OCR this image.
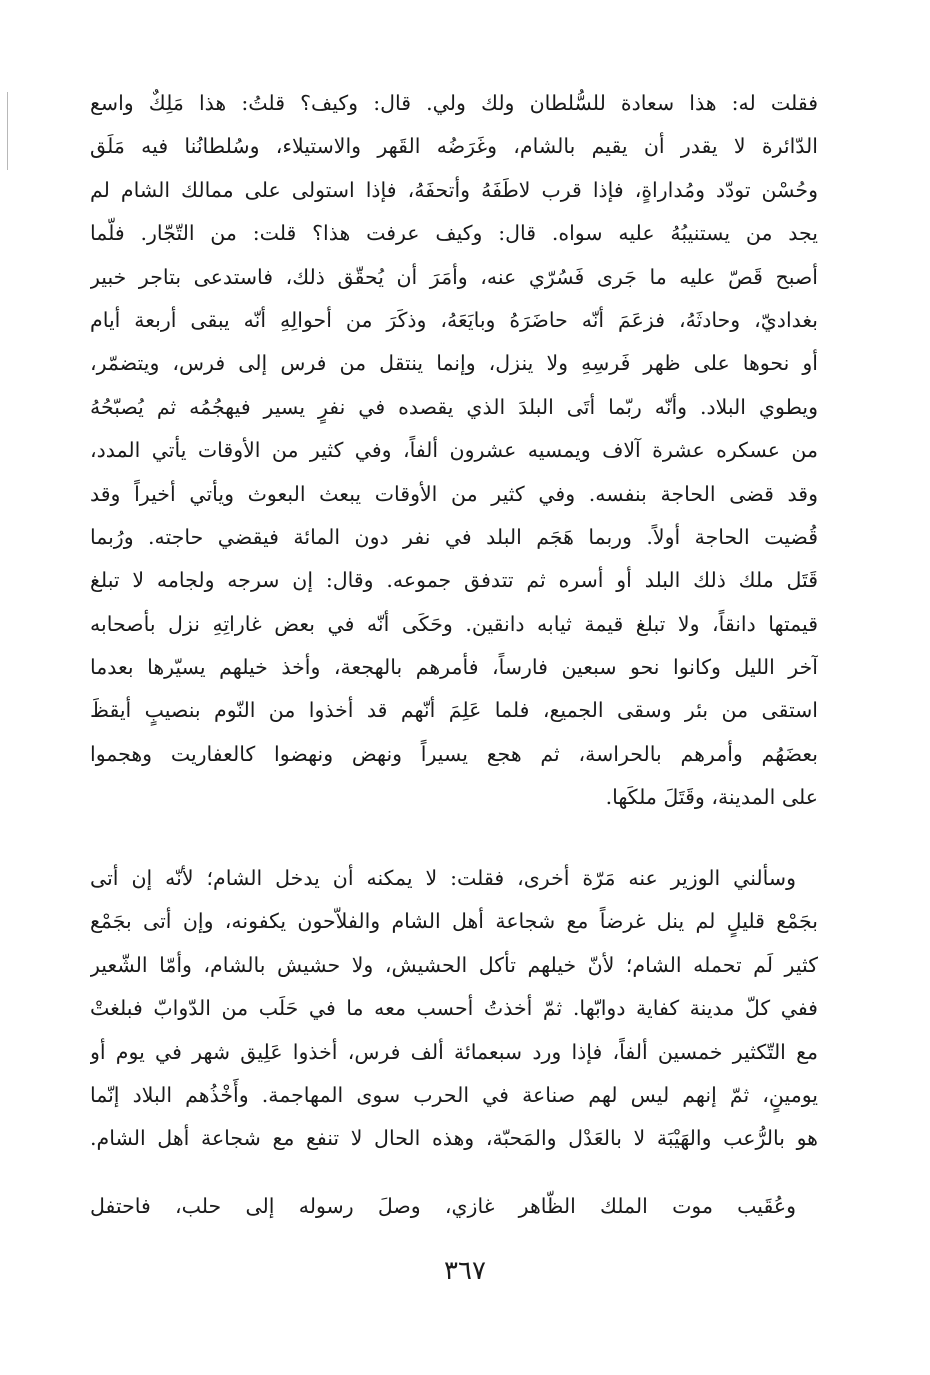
فقلت له: هذا سعادة للسُّلطان ولك ولي. قال: وكيف؟ قلتُ: هذا مَلِكٌ واسع
الدّائرة لا يقدر أن يقيم بالشام، وغَرَضُه القَهر والاستيلاء، وسُلطانُنا فيه مَلَق
وحُسْن تودّد ومُداراةٍ، فإذا قرب لاطَفَهُ وأتحفَهُ، فإذا استولى على ممالك الشام لم
يجد من يستنيبُهُ عليه سواه. قال: وكيف عرفت هذا؟ قلت: من التّجّار. فلّما
أصبح قَصّ عليه ما جَرى فَسُرّي عنه، وأمَرَ أن يُحقّق ذلك، فاستدعى بتاجر خبير
بغداديّ، وحادثَهُ، فزعَمَ أنّه حاضَرَهُ وبايَعَهُ، وذكَرَ من أحوالِهِ أنّه يبقى أربعة أيام
أو نحوها على ظهر فَرسِهِ ولا ينزل، وإنما ينتقل من فرس إلى فرس، ويتضمّر،
ويطوي البلاد. وأنّه ربّما أتَى البلدَ الذي يقصده في نفرٍ يسير فيهجُمُه ثم يُصبّحُهُ
من عسكره عشرة آلاف ويمسيه عشرون ألفاً، وفي كثير من الأوقات يأتي المدد،
وقد قضى الحاجة بنفسه. وفي كثير من الأوقات يبعث البعوث ويأتي أخيراً وقد
قُضيت الحاجة أولاً. وربما هَجَم البلد في نفر دون المائة فيقضي حاجته. ورُبما
قَتَل ملك ذلك البلد أو أسره ثم تتدفق جموعه. وقال: إن سرجه ولجامه لا تبلغ
قيمتها دانقاً، ولا تبلغ قيمة ثيابه دانقين. وحَكَى أنّه في بعض غاراتِهِ نزل بأصحابه
آخر الليل وكانوا نحو سبعين فارساً، فأمرهم بالهجعة، وأخذ خيلهم يسيّرها بعدما
استقى من بئر وسقى الجميع، فلما عَلِمَ أنّهم قد أخذوا من النّوم بنصيبٍ أيقظَ
بعضَهُم وأمرهم بالحراسة، ثم هجع يسيراً ونهض ونهضوا كالعفاريت وهجموا
على المدينة، وقَتَلَ ملكَها.
وسألني الوزير عنه مَرّة أخرى، فقلت: لا يمكنه أن يدخل الشام؛ لأنّه إن أتى
بجَمْع قليلٍ لم ينل غرضاً مع شجاعة أهل الشام والفلاّحون يكفونه، وإن أتى بجَمْع
كثير لَم تحمله الشام؛ لأنّ خيلهم تأكل الحشيش، ولا حشيش بالشام، وأمّا الشّعير
ففي كلّ مدينة كفاية دوابّها. ثمّ أخذتُ أحسب معه ما في حَلَب من الدّوابّ فبلغتْ
مع التّكثير خمسين ألفاً، فإذا ورد سبعمائة ألف فرس، أخذوا عَلِيق شهر في يوم أو
يومينٍ، ثمّ إنهم ليس لهم صناعة في الحرب سوى المهاجمة. وأَخْذُهم البلاد إنّما
هو بالرُّعب والهَيْبَة لا بالعَدْل والمَحبّة، وهذه الحال لا تنفع مع شجاعة أهل الشام.
وعُقَيب موت الملك الظّاهر غازي، وصلَ رسوله إلى حلب، فاحتفل
٣٦٧
